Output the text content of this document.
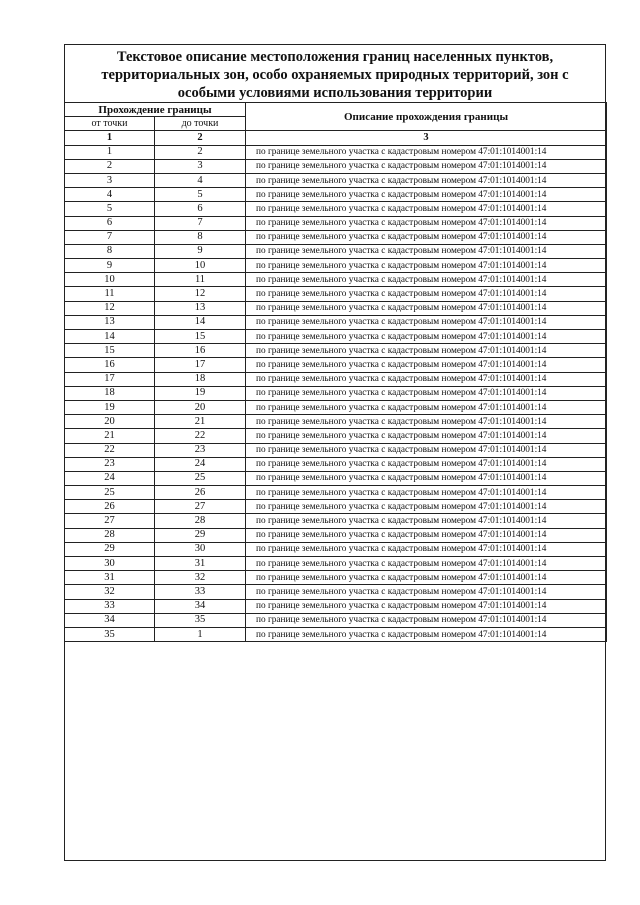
Текстовое описание местоположения границ населенных пунктов,
территориальных зон, особо охраняемых природных территорий, зон с
особыми условиями использования территории
Прохождение границы		Описание прохождения границы
от точки	до точки	
1	2	3
1	2	по границе земельного участка с кадастровым номером 47:01:1014001:14
2	3	по границе земельного участка с кадастровым номером 47:01:1014001:14
3	4	по границе земельного участка с кадастровым номером 47:01:1014001:14
4	5	по границе земельного участка с кадастровым номером 47:01:1014001:14
5	6	по границе земельного участка с кадастровым номером 47:01:1014001:14
6	7	по границе земельного участка с кадастровым номером 47:01:1014001:14
7	8	по границе земельного участка с кадастровым номером 47:01:1014001:14
8	9	по границе земельного участка с кадастровым номером 47:01:1014001:14
9	10	по границе земельного участка с кадастровым номером 47:01:1014001:14
10	11	по границе земельного участка с кадастровым номером 47:01:1014001:14
11	12	по границе земельного участка с кадастровым номером 47:01:1014001:14
12	13	по границе земельного участка с кадастровым номером 47:01:1014001:14
13	14	по границе земельного участка с кадастровым номером 47:01:1014001:14
14	15	по границе земельного участка с кадастровым номером 47:01:1014001:14
15	16	по границе земельного участка с кадастровым номером 47:01:1014001:14
16	17	по границе земельного участка с кадастровым номером 47:01:1014001:14
17	18	по границе земельного участка с кадастровым номером 47:01:1014001:14
18	19	по границе земельного участка с кадастровым номером 47:01:1014001:14
19	20	по границе земельного участка с кадастровым номером 47:01:1014001:14
20	21	по границе земельного участка с кадастровым номером 47:01:1014001:14
21	22	по границе земельного участка с кадастровым номером 47:01:1014001:14
22	23	по границе земельного участка с кадастровым номером 47:01:1014001:14
23	24	по границе земельного участка с кадастровым номером 47:01:1014001:14
24	25	по границе земельного участка с кадастровым номером 47:01:1014001:14
25	26	по границе земельного участка с кадастровым номером 47:01:1014001:14
26	27	по границе земельного участка с кадастровым номером 47:01:1014001:14
27	28	по границе земельного участка с кадастровым номером 47:01:1014001:14
28	29	по границе земельного участка с кадастровым номером 47:01:1014001:14
29	30	по границе земельного участка с кадастровым номером 47:01:1014001:14
30	31	по границе земельного участка с кадастровым номером 47:01:1014001:14
31	32	по границе земельного участка с кадастровым номером 47:01:1014001:14
32	33	по границе земельного участка с кадастровым номером 47:01:1014001:14
33	34	по границе земельного участка с кадастровым номером 47:01:1014001:14
34	35	по границе земельного участка с кадастровым номером 47:01:1014001:14
35	1	по границе земельного участка с кадастровым номером 47:01:1014001:14
